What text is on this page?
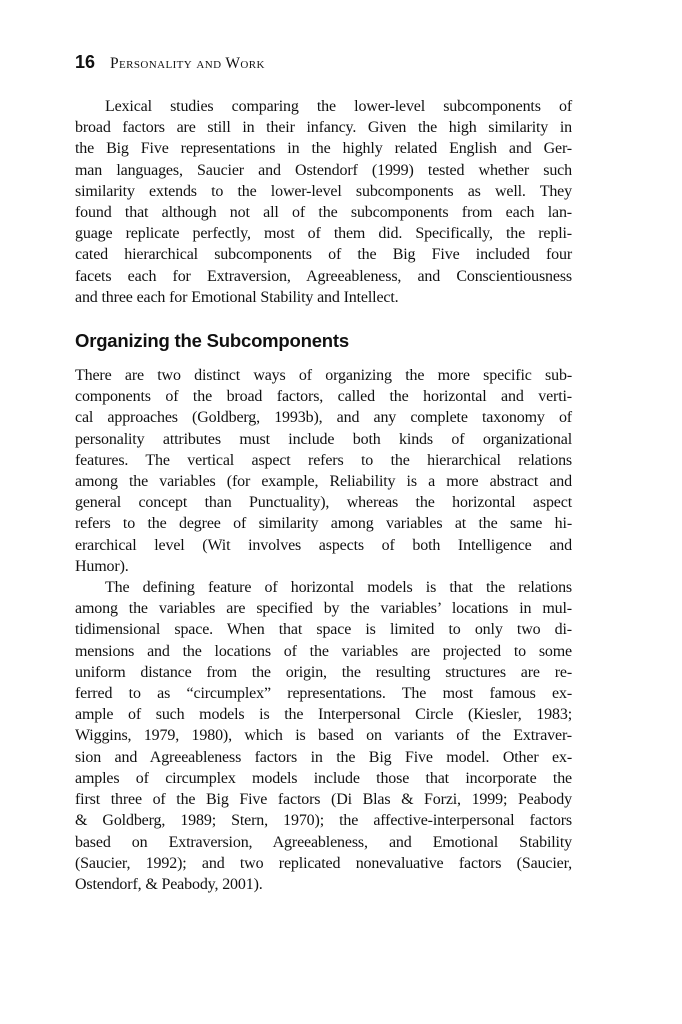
16 Personality and Work
Lexical studies comparing the lower-level subcomponents of
broad factors are still in their infancy. Given the high similarity in
the Big Five representations in the highly related English and Ger-
man languages, Saucier and Ostendorf (1999) tested whether such
similarity extends to the lower-level subcomponents as well. They
found that although not all of the subcomponents from each lan-
guage replicate perfectly, most of them did. Specifically, the repli-
cated hierarchical subcomponents of the Big Five included four
facets each for Extraversion, Agreeableness, and Conscientiousness
and three each for Emotional Stability and Intellect.
Organizing the Subcomponents
There are two distinct ways of organizing the more specific sub-
components of the broad factors, called the horizontal and verti-
cal approaches (Goldberg, 1993b), and any complete taxonomy of
personality attributes must include both kinds of organizational
features. The vertical aspect refers to the hierarchical relations
among the variables (for example, Reliability is a more abstract and
general concept than Punctuality), whereas the horizontal aspect
refers to the degree of similarity among variables at the same hi-
erarchical level (Wit involves aspects of both Intelligence and
Humor).
The defining feature of horizontal models is that the relations
among the variables are specified by the variables’ locations in mul-
tidimensional space. When that space is limited to only two di-
mensions and the locations of the variables are projected to some
uniform distance from the origin, the resulting structures are re-
ferred to as “circumplex” representations. The most famous ex-
ample of such models is the Interpersonal Circle (Kiesler, 1983;
Wiggins, 1979, 1980), which is based on variants of the Extraver-
sion and Agreeableness factors in the Big Five model. Other ex-
amples of circumplex models include those that incorporate the
first three of the Big Five factors (Di Blas & Forzi, 1999; Peabody
& Goldberg, 1989; Stern, 1970); the affective-interpersonal factors
based on Extraversion, Agreeableness, and Emotional Stability
(Saucier, 1992); and two replicated nonevaluative factors (Saucier,
Ostendorf, & Peabody, 2001).
